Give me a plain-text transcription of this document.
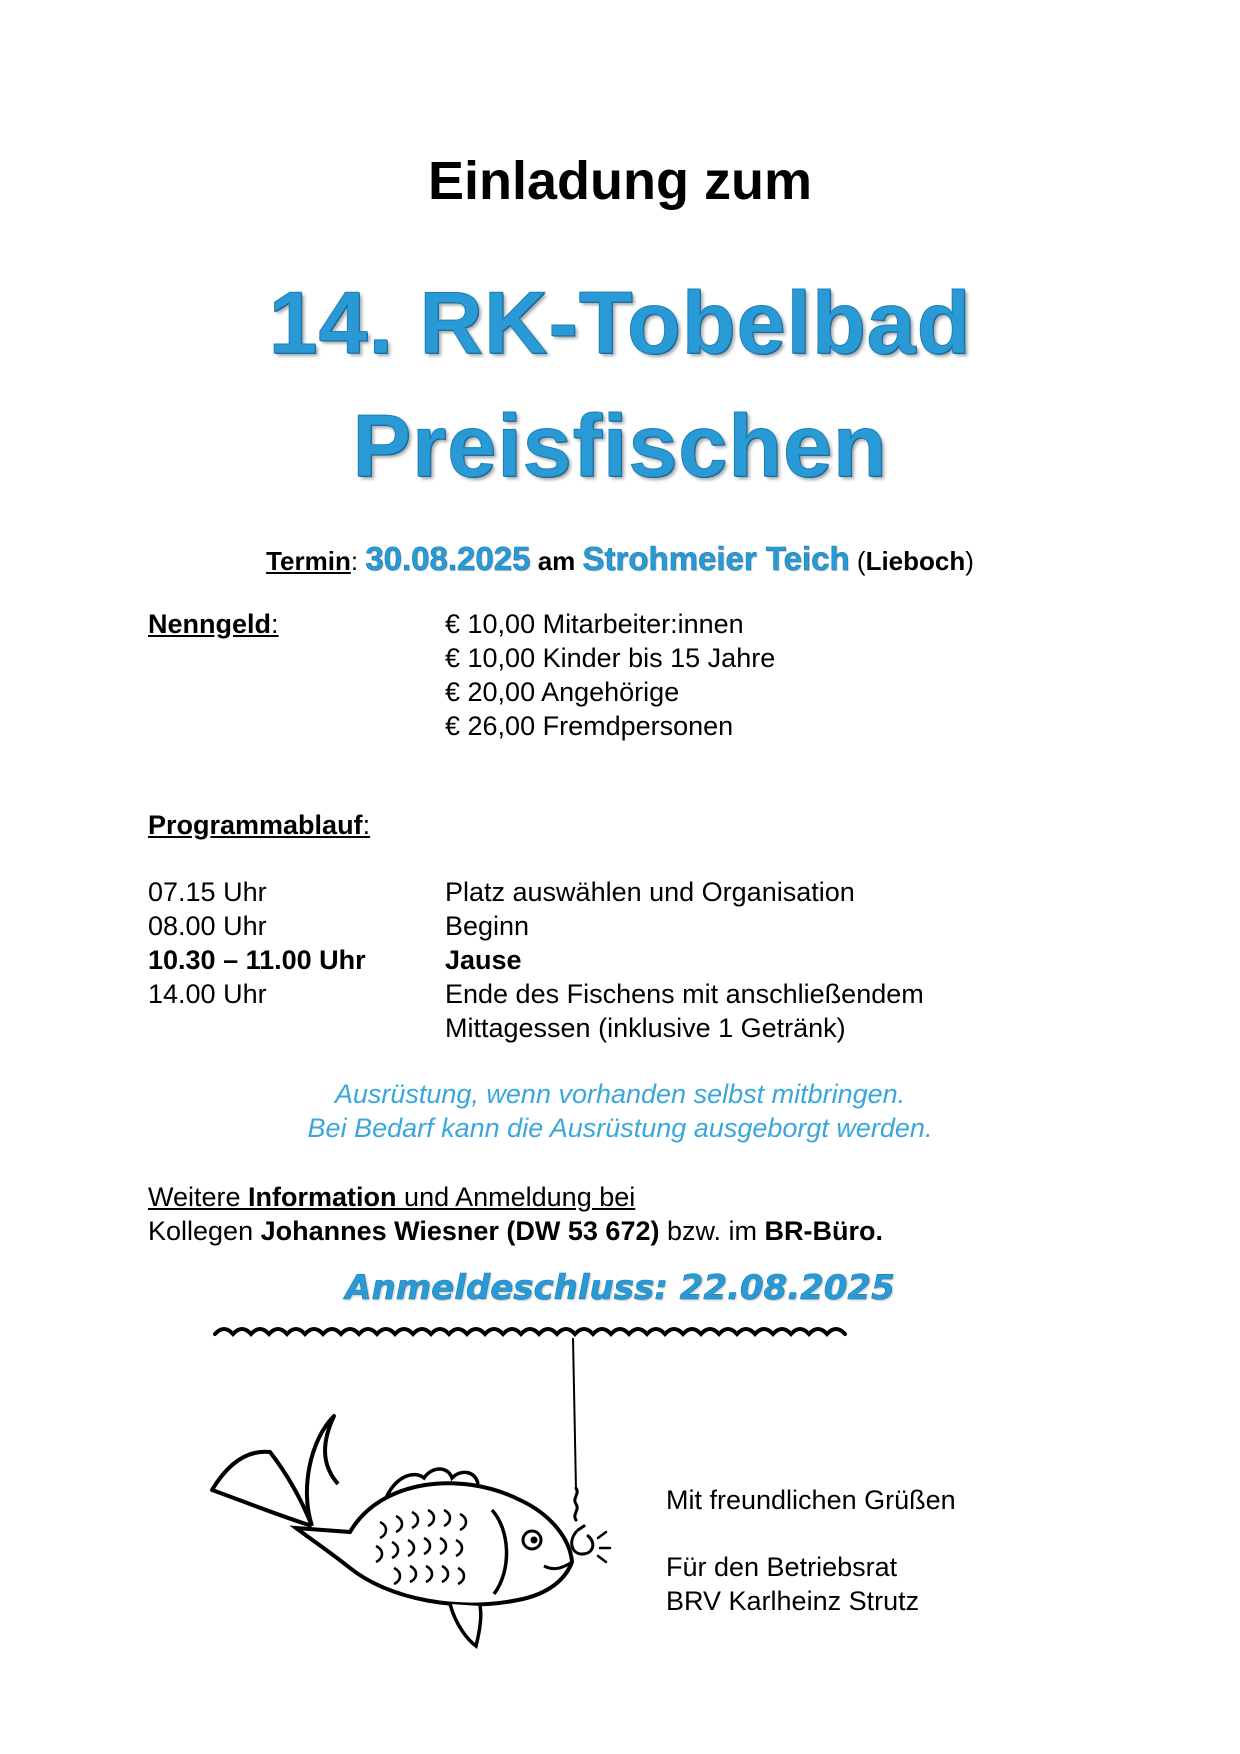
Einladung zum
14. RK-Tobelbad
Preisfischen
Termin: 30.08.2025 am Strohmeier Teich (Lieboch)
Nenngeld:	€ 10,00 Mitarbeiter:innen
€ 10,00 Kinder bis 15 Jahre
€ 20,00 Angehörige
€ 26,00 Fremdpersonen
Programmablauf:
07.15 Uhr
08.00 Uhr
10.30 – 11.00 Uhr
14.00 Uhr
Platz auswählen und Organisation
Beginn
Jause
Ende des Fischens mit anschließendem
Mittagessen (inklusive 1 Getränk)
Ausrüstung, wenn vorhanden selbst mitbringen.
Bei Bedarf kann die Ausrüstung ausgeborgt werden.
Weitere Information und Anmeldung bei
Kollegen Johannes Wiesner (DW 53 672) bzw. im BR-Büro.
Anmeldeschluss: 22.08.2025
Mit freundlichen Grüßen
Für den Betriebsrat
BRV Karlheinz Strutz
